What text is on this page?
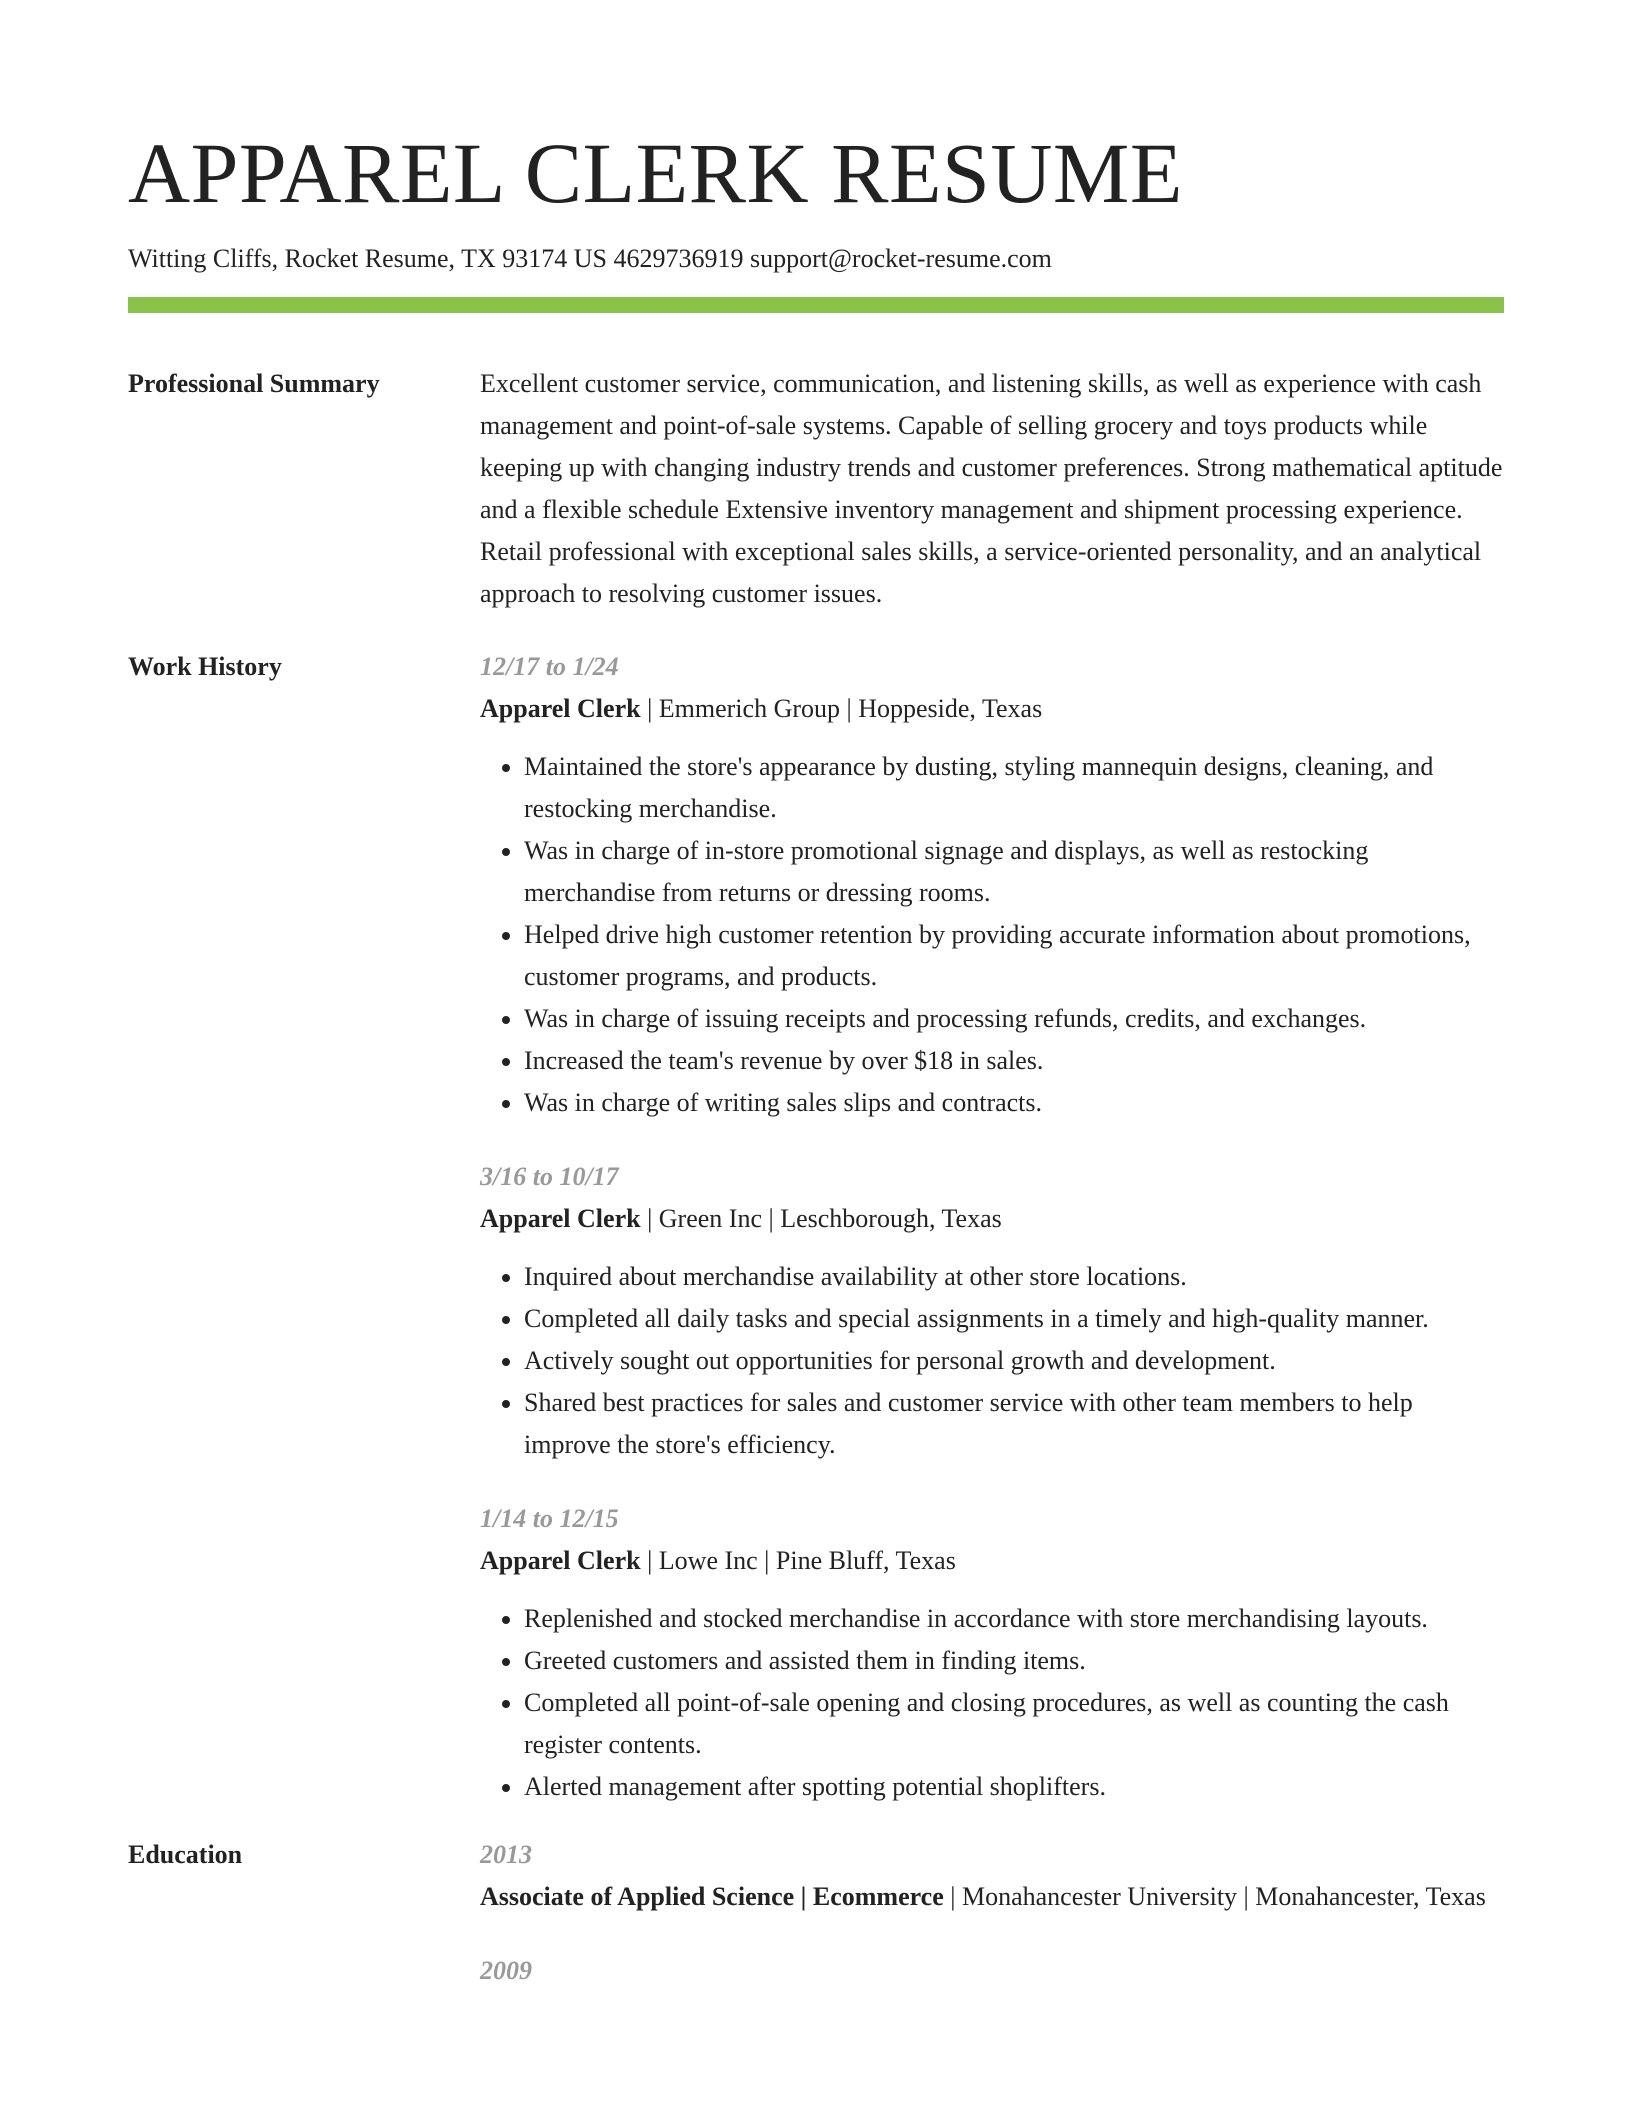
APPAREL CLERK RESUME
Witting Cliffs, Rocket Resume, TX 93174 US 4629736919 support@rocket-resume.com
Professional Summary	Excellent customer service, communication, and listening skills, as well as experience with cash management and point-of-sale systems. Capable of selling grocery and toys products while keeping up with changing industry trends and customer preferences. Strong mathematical aptitude and a flexible schedule Extensive inventory management and shipment processing experience. Retail professional with exceptional sales skills, a service-oriented personality, and an analytical approach to resolving customer issues.

Work History	12/17 to 1/24
Apparel Clerk | Emmerich Group | Hoppeside, Texas
• Maintained the store's appearance by dusting, styling mannequin designs, cleaning, and restocking merchandise.
• Was in charge of in-store promotional signage and displays, as well as restocking merchandise from returns or dressing rooms.
• Helped drive high customer retention by providing accurate information about promotions, customer programs, and products.
• Was in charge of issuing receipts and processing refunds, credits, and exchanges.
• Increased the team's revenue by over $18 in sales.
• Was in charge of writing sales slips and contracts.
3/16 to 10/17
Apparel Clerk | Green Inc | Leschborough, Texas
• Inquired about merchandise availability at other store locations.
• Completed all daily tasks and special assignments in a timely and high-quality manner.
• Actively sought out opportunities for personal growth and development.
• Shared best practices for sales and customer service with other team members to help improve the store's efficiency.
1/14 to 12/15
Apparel Clerk | Lowe Inc | Pine Bluff, Texas
• Replenished and stocked merchandise in accordance with store merchandising layouts.
• Greeted customers and assisted them in finding items.
• Completed all point-of-sale opening and closing procedures, as well as counting the cash register contents.
• Alerted management after spotting potential shoplifters.
Education	2013
Associate of Applied Science | Ecommerce | Monahancester University | Monahancester, Texas
2009
